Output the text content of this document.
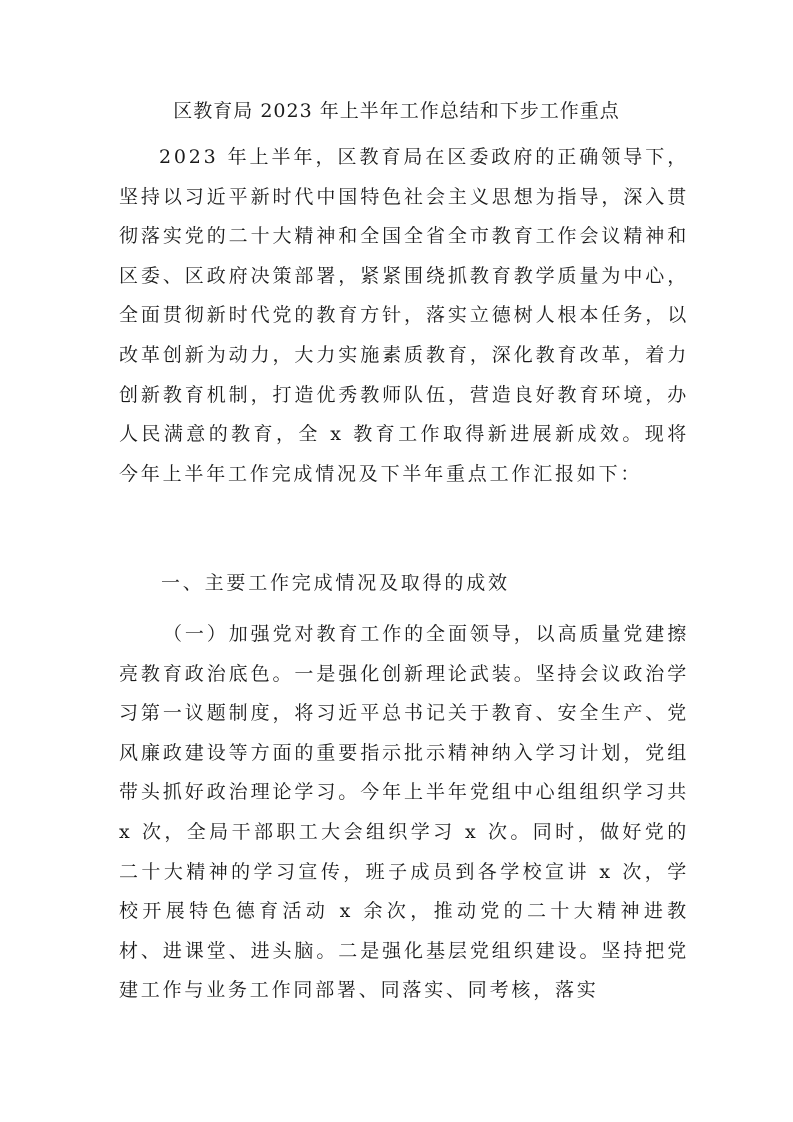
区教育局 2023 年上半年工作总结和下步工作重点
2023 年上半年，区教育局在区委政府的正确领导下，坚持以习近平新时代中国特色社会主义思想为指导，深入贯彻落实党的二十大精神和全国全省全市教育工作会议精神和区委、区政府决策部署，紧紧围绕抓教育教学质量为中心，全面贯彻新时代党的教育方针，落实立德树人根本任务，以改革创新为动力，大力实施素质教育，深化教育改革，着力创新教育机制，打造优秀教师队伍，营造良好教育环境，办人民满意的教育，全 x 教育工作取得新进展新成效。现将今年上半年工作完成情况及下半年重点工作汇报如下：
一、主要工作完成情况及取得的成效
（一）加强党对教育工作的全面领导，以高质量党建擦亮教育政治底色。一是强化创新理论武装。坚持会议政治学习第一议题制度，将习近平总书记关于教育、安全生产、党风廉政建设等方面的重要指示批示精神纳入学习计划，党组带头抓好政治理论学习。今年上半年党组中心组组织学习共 x 次，全局干部职工大会组织学习 x 次。同时，做好党的二十大精神的学习宣传，班子成员到各学校宣讲 x 次，学校开展特色德育活动 x 余次，推动党的二十大精神进教材、进课堂、进头脑。二是强化基层党组织建设。坚持把党建工作与业务工作同部署、同落实、同考核，落实
